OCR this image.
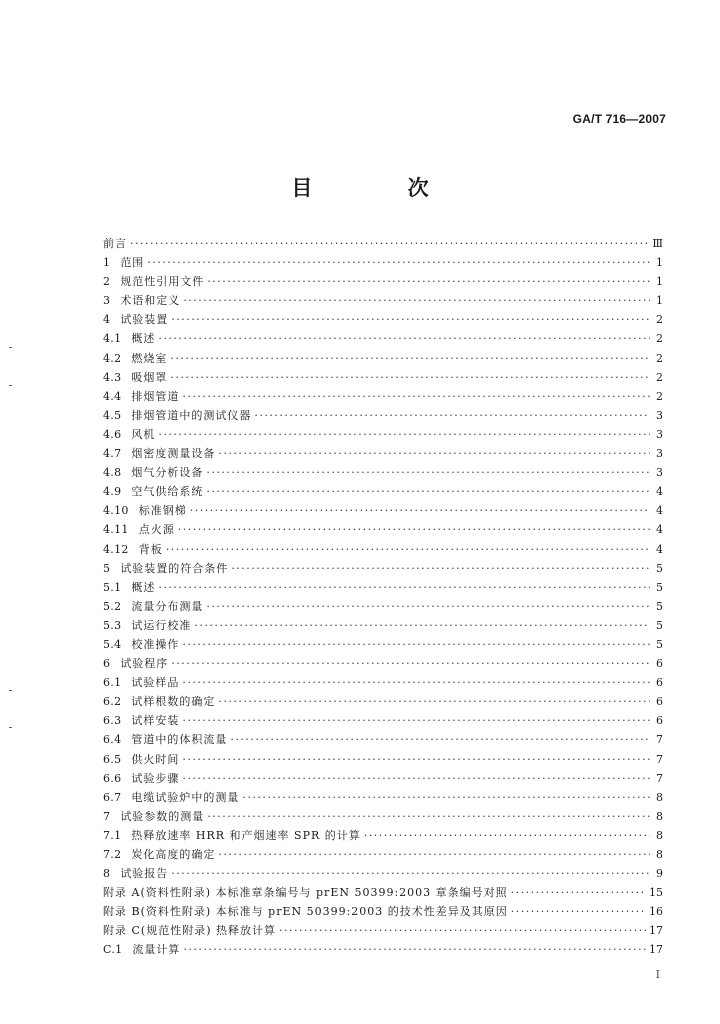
GA/T 716—2007
目 次
前言 ·····	Ⅲ
1 范围 ·····	1
2 规范性引用文件 ·····	1
3 术语和定义 ·····	1
4 试验装置 ·····	2
4.1 概述 ·····	2
4.2 燃烧室 ·····	2
4.3 吸烟罩 ·····	2
4.4 排烟管道 ·····	2
4.5 排烟管道中的测试仪器 ·····	3
4.6 风机 ·····	3
4.7 烟密度测量设备 ·····	3
4.8 烟气分析设备 ·····	3
4.9 空气供给系统 ·····	4
4.10 标准钢梯 ·····	4
4.11 点火源 ·····	4
4.12 背板 ·····	4
5 试验装置的符合条件 ·····	5
5.1 概述 ·····	5
5.2 流量分布测量 ·····	5
5.3 试运行校准 ·····	5
5.4 校准操作 ·····	5
6 试验程序 ·····	6
6.1 试验样品 ·····	6
6.2 试样根数的确定 ·····	6
6.3 试样安装 ·····	6
6.4 管道中的体积流量 ·····	7
6.5 供火时间 ·····	7
6.6 试验步骤 ·····	7
6.7 电缆试验炉中的测量 ·····	8
7 试验参数的测量 ·····	8
7.1 热释放速率 HRR 和产烟速率 SPR 的计算 ·····	8
7.2 炭化高度的确定 ·····	8
8 试验报告 ·····	9
附录 A(资料性附录) 本标准章条编号与 prEN 50399:2003 章条编号对照 ·····	15
附录 B(资料性附录) 本标准与 prEN 50399:2003 的技术性差异及其原因 ·····	16
附录 C(规范性附录) 热释放计算 ·····	17
C.1 流量计算 ·····	17
I
